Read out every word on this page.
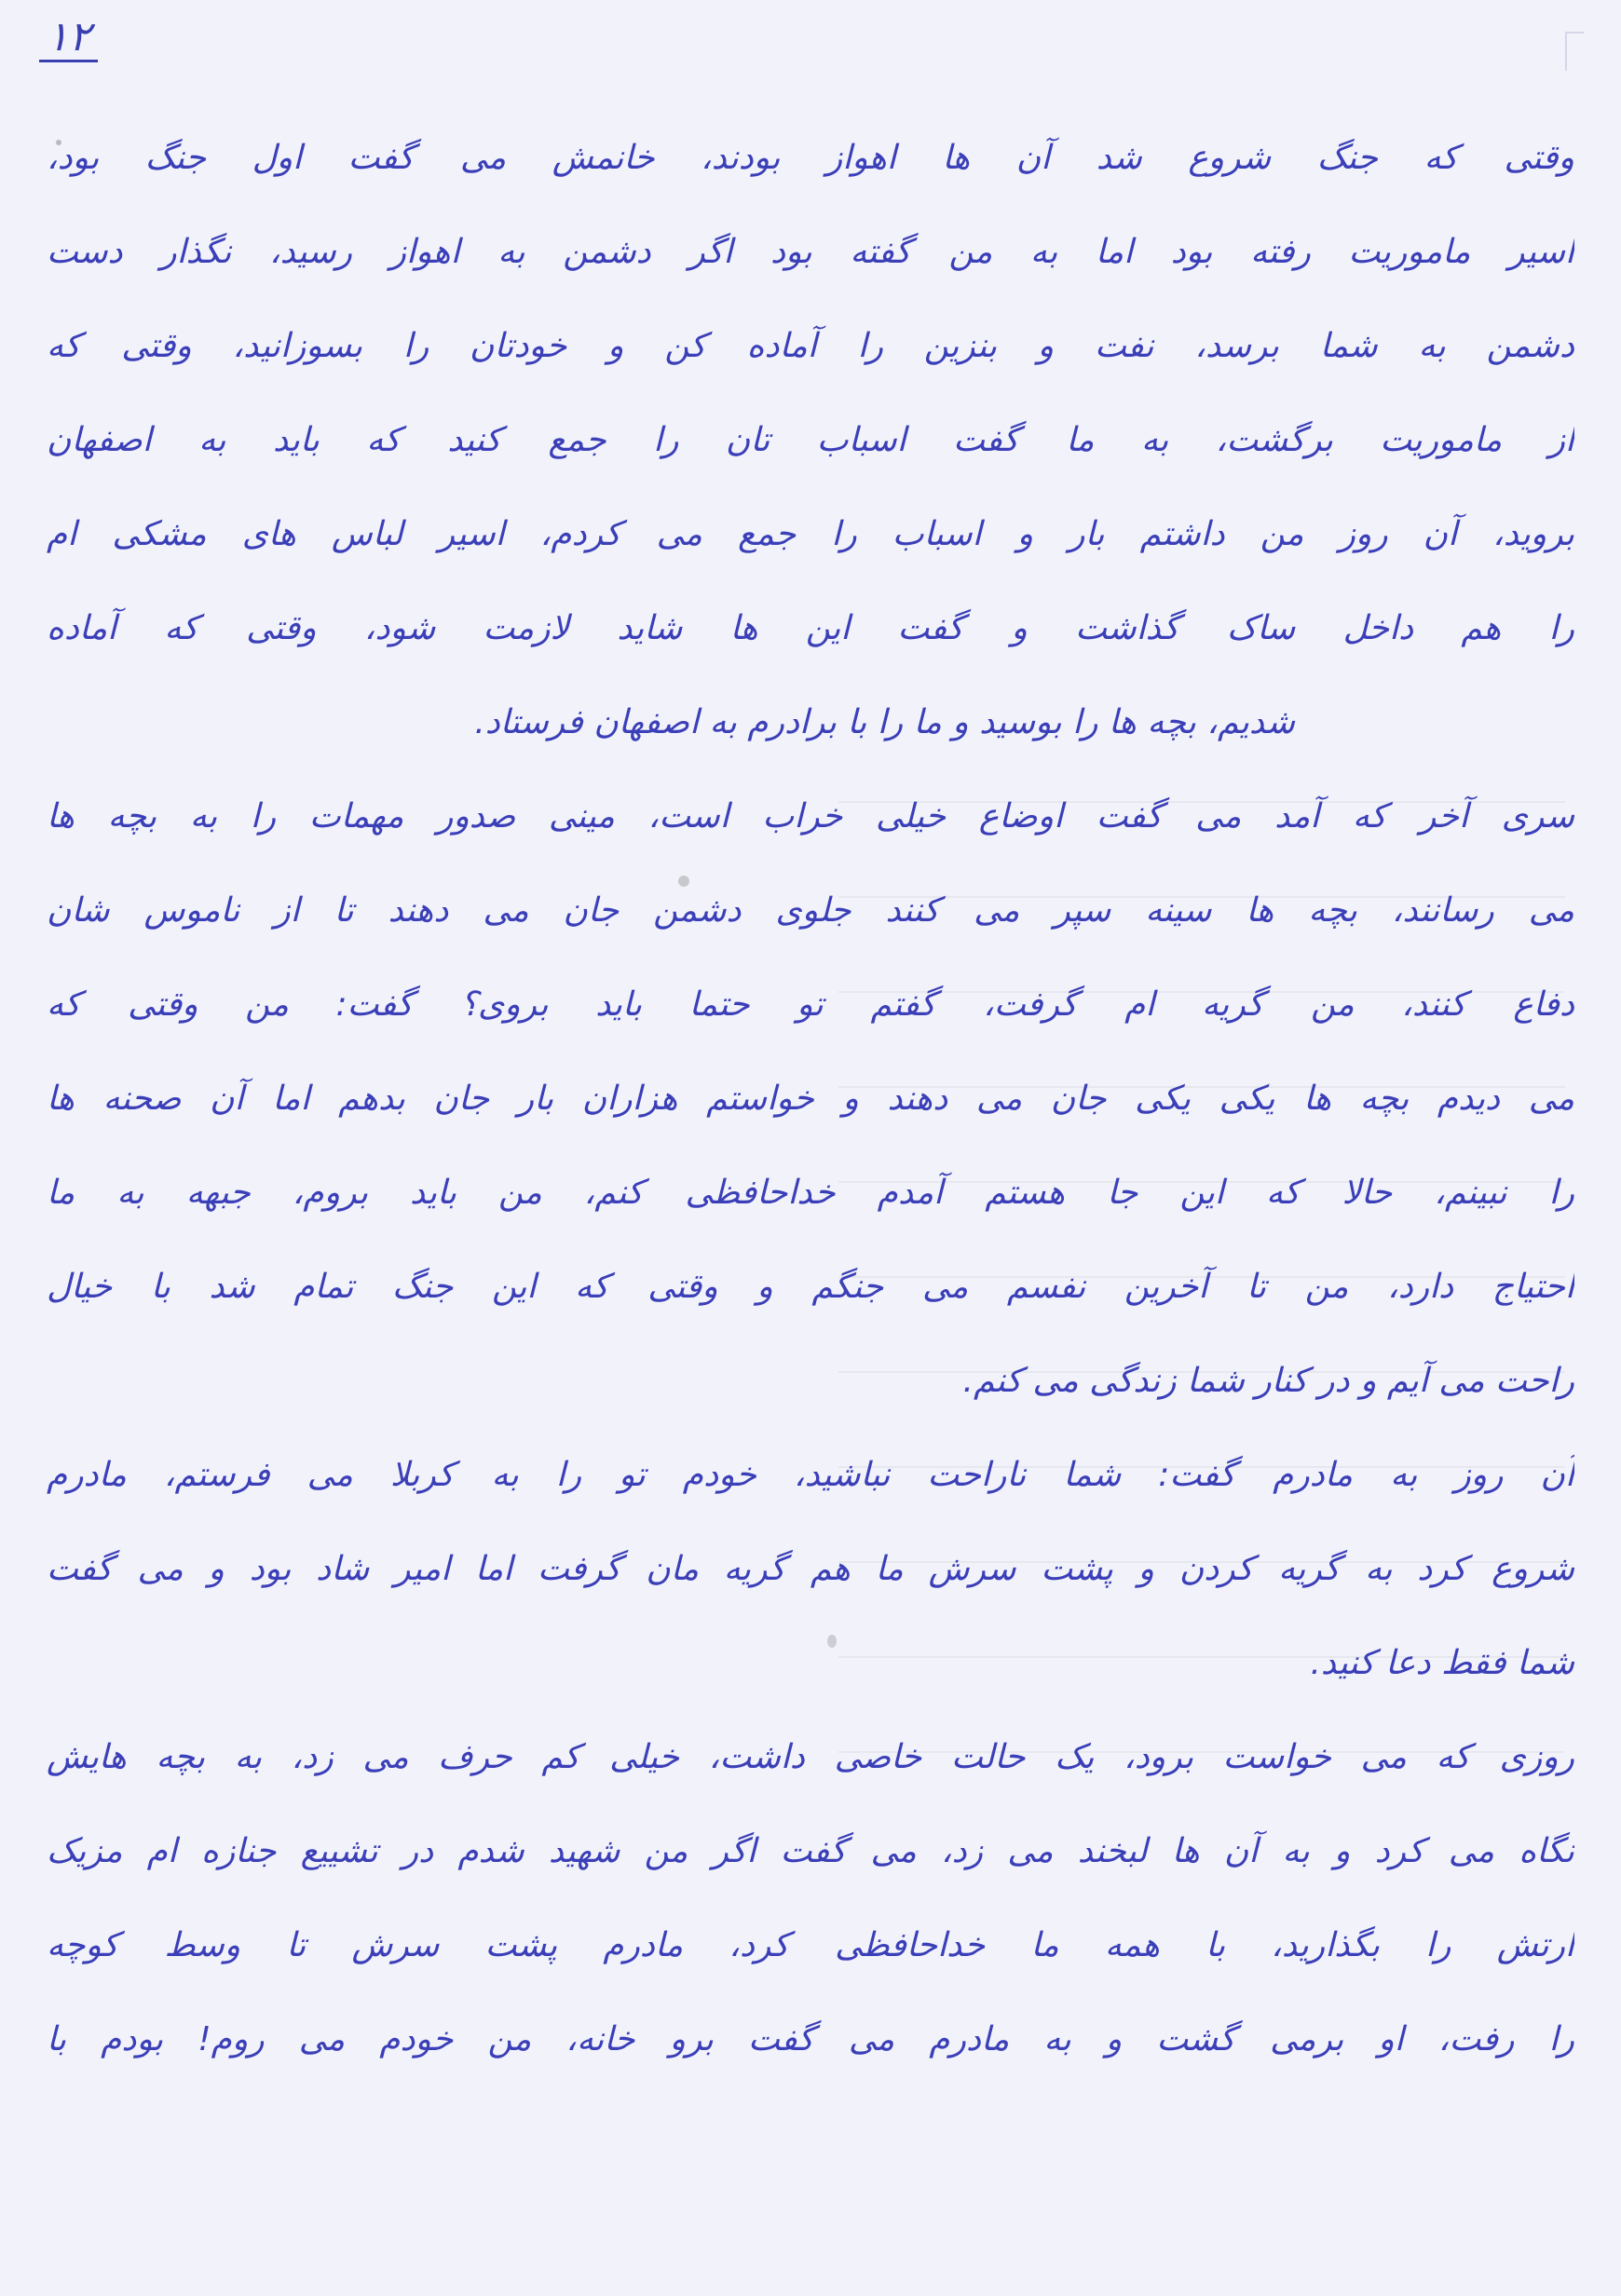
۱۲
وقتی که جنگ شروع شد آن ها اهواز بودند، خانمش می گفت اول جنگ بود،
اسیر ماموریت رفته بود اما به من گفته بود اگر دشمن به اهواز رسید، نگذار دست
دشمن به شما برسد، نفت و بنزین را آماده کن و خودتان را بسوزانید، وقتی که
از ماموریت برگشت، به ما گفت اسباب تان را جمع کنید که باید به اصفهان
بروید، آن روز من داشتم بار و اسباب را جمع می کردم، اسیر لباس های مشکی ام
را هم داخل ساک گذاشت و گفت این ها شاید لازمت شود، وقتی که آماده
شدیم، بچه ها را بوسید و ما را با برادرم به اصفهان فرستاد.
سری آخر که آمد می گفت اوضاع خیلی خراب است، مینی صدور مهمات را به بچه ها
می رسانند، بچه ها سینه سپر می کنند جلوی دشمن جان می دهند تا از ناموس شان
دفاع کنند، من گریه ام گرفت، گفتم تو حتما باید بروی؟ گفت: من وقتی که
می دیدم بچه ها یکی یکی جان می دهند و خواستم هزاران بار جان بدهم اما آن صحنه ها
را نبینم، حالا که این جا هستم آمدم خداحافظی کنم، من باید بروم، جبهه به ما
احتیاج دارد، من تا آخرین نفسم می جنگم و وقتی که این جنگ تمام شد با خیال
راحت می آیم و در کنار شما زندگی می کنم.
آن روز به مادرم گفت: شما ناراحت نباشید، خودم تو را به کربلا می فرستم، مادرم
شروع کرد به گریه کردن و پشت سرش ما هم گریه مان گرفت اما امیر شاد بود و می گفت
شما فقط دعا کنید.
روزی که می خواست برود، یک حالت خاصی داشت، خیلی کم حرف می زد، به بچه هایش
نگاه می کرد و به آن ها لبخند می زد، می گفت اگر من شهید شدم در تشییع جنازه ام مزیک
ارتش را بگذارید، با همه ما خداحافظی کرد، مادرم پشت سرش تا وسط کوچه
را رفت، او برمی گشت و به مادرم می گفت برو خانه، من خودم می روم! بودم با
